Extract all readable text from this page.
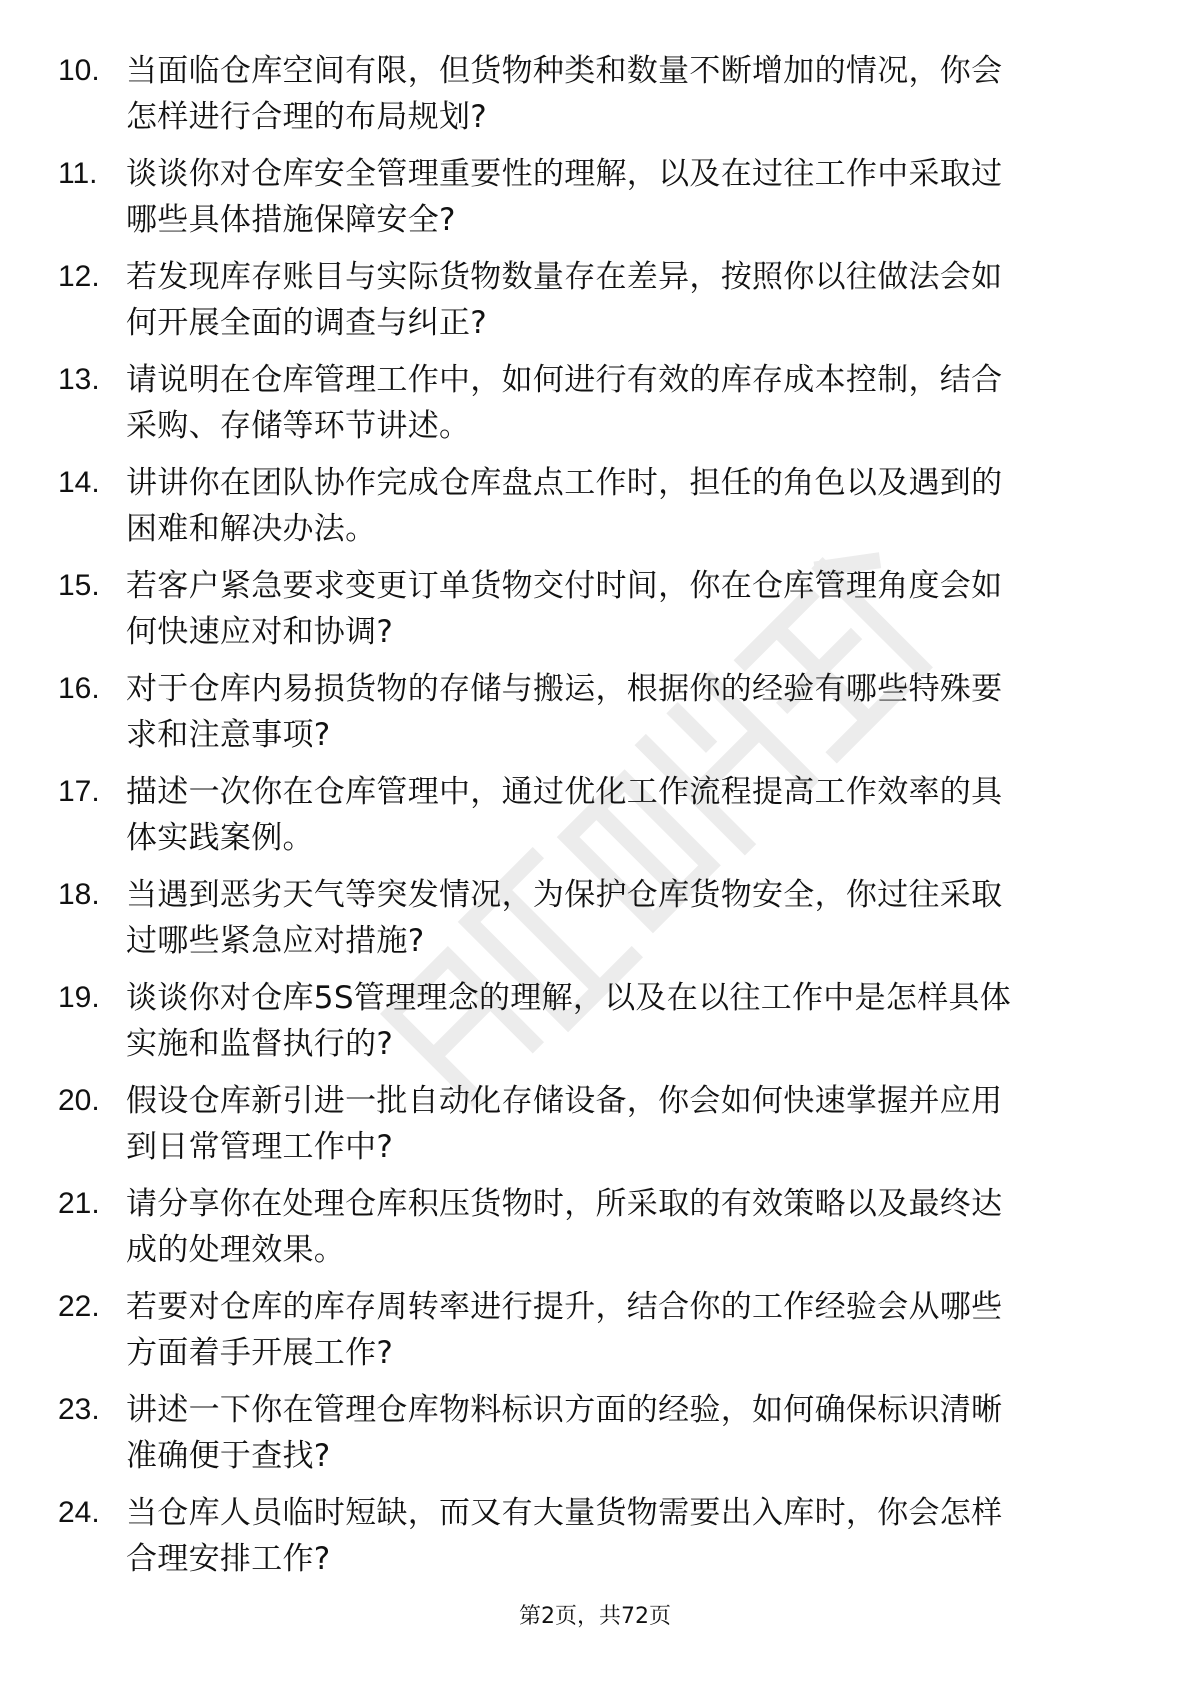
10. 当面临仓库空间有限，但货物种类和数量不断增加的情况，你会
怎样进行合理的布局规划?
11. 谈谈你对仓库安全管理重要性的理解，以及在过往工作中采取过
哪些具体措施保障安全?
12. 若发现库存账目与实际货物数量存在差异，按照你以往做法会如
何开展全面的调查与纠正?
13. 请说明在仓库管理工作中，如何进行有效的库存成本控制，结合
采购、存储等环节讲述。
14. 讲讲你在团队协作完成仓库盘点工作时，担任的角色以及遇到的
困难和解决办法。
15. 若客户紧急要求变更订单货物交付时间，你在仓库管理角度会如
何快速应对和协调?
16. 对于仓库内易损货物的存储与搬运，根据你的经验有哪些特殊要
求和注意事项?
17. 描述一次你在仓库管理中，通过优化工作流程提高工作效率的具
体实践案例。
18. 当遇到恶劣天气等突发情况，为保护仓库货物安全，你过往采取
过哪些紧急应对措施?
19. 谈谈你对仓库5S管理理念的理解，以及在以往工作中是怎样具体
实施和监督执行的?
20. 假设仓库新引进一批自动化存储设备，你会如何快速掌握并应用
到日常管理工作中?
21. 请分享你在处理仓库积压货物时，所采取的有效策略以及最终达
成的处理效果。
22. 若要对仓库的库存周转率进行提升，结合你的工作经验会从哪些
方面着手开展工作?
23. 讲述一下你在管理仓库物料标识方面的经验，如何确保标识清晰
准确便于查找?
24. 当仓库人员临时短缺，而又有大量货物需要出入库时，你会怎样
合理安排工作?
第2页，共72页
